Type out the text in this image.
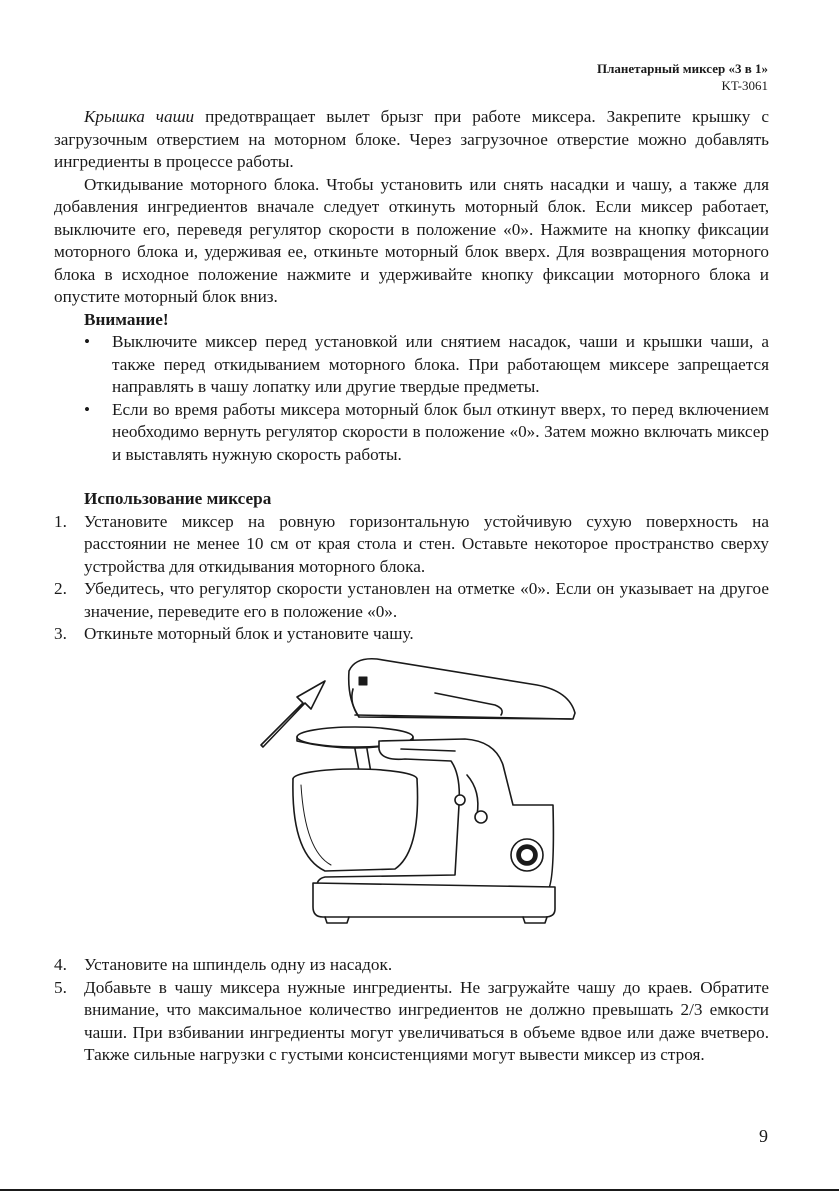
Планетарный миксер «3 в 1»
KT-3061

Крышка чаши предотвращает вылет брызг при работе миксера. Закрепите крышку с загрузочным отверстием на моторном блоке. Через загрузочное отверстие можно добавлять ингредиенты в процессе работы.

Откидывание моторного блока. Чтобы установить или снять насадки и чашу, а также для добавления ингредиентов вначале следует откинуть моторный блок. Если миксер работает, выключите его, переведя регулятор скорости в положение «0». Нажмите на кнопку фиксации моторного блока и, удерживая ее, откиньте моторный блок вверх. Для возвращения моторного блока в исходное положение нажмите и удерживайте кнопку фиксации моторного блока и опустите моторный блок вниз.

Внимание!

• Выключите миксер перед установкой или снятием насадок, чаши и крышки чаши, а также перед откидыванием моторного блока. При работающем миксере запрещается направлять в чашу лопатку или другие твердые предметы.
• Если во время работы миксера моторный блок был откинут вверх, то перед включением необходимо вернуть регулятор скорости в положение «0». Затем можно включать миксер и выставлять нужную скорость работы.

Использование миксера

1. Установите миксер на ровную горизонтальную устойчивую сухую поверхность на расстоянии не менее 10 см от края стола и стен. Оставьте некоторое пространство сверху устройства для откидывания моторного блока.
2. Убедитесь, что регулятор скорости установлен на отметке «0». Если он указывает на другое значение, переведите его в положение «0».
3. Откиньте моторный блок и установите чашу.
4. Установите на шпиндель одну из насадок.
5. Добавьте в чашу миксера нужные ингредиенты. Не загружайте чашу до краев. Обратите внимание, что максимальное количество ингредиентов не должно превышать 2/3 емкости чаши. При взбивании ингредиенты могут увеличиваться в объеме вдвое или даже вчетверо. Также сильные нагрузки с густыми консистенциями могут вывести миксер из строя.
9
